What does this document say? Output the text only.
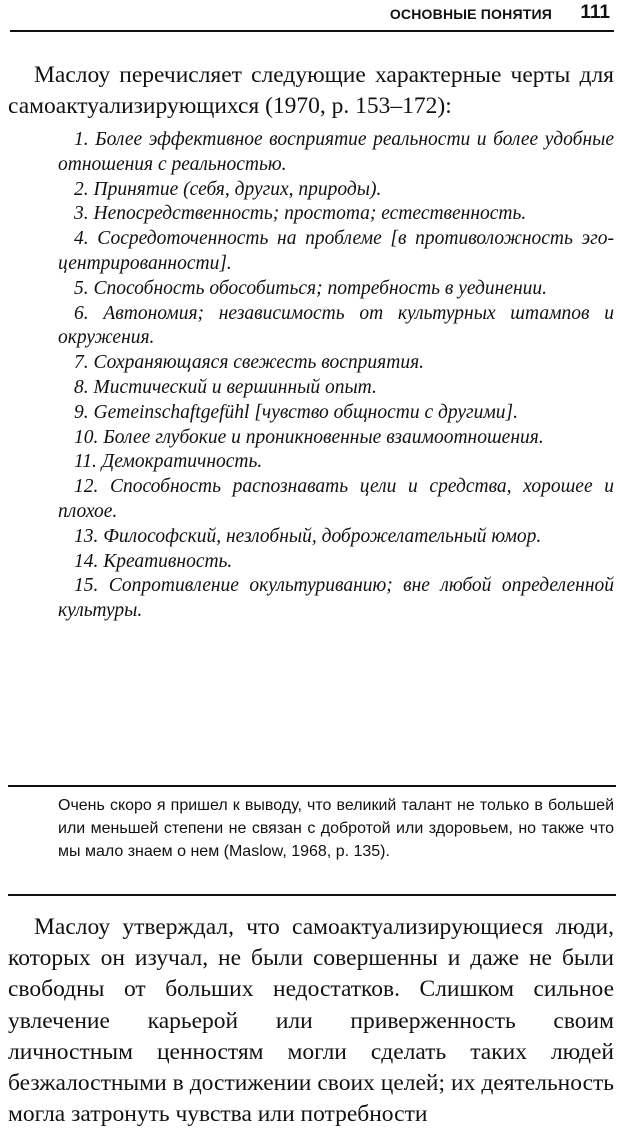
ОСНОВНЫЕ ПОНЯТИЯ 111

Маслоу перечисляет следующие характерные черты для самоактуализирующихся (1970, p. 153–172):

1. Более эффективное восприятие реальности и более удобные отношения с реальностью.
2. Принятие (себя, других, природы).
3. Непосредственность; простота; естественность.
4. Сосредоточенность на проблеме [в противоложность эго-центрированности].
5. Способность обособиться; потребность в уединении.
6. Автономия; независимость от культурных штампов и окружения.
7. Сохраняющаяся свежесть восприятия.
8. Мистический и вершинный опыт.
9. Gemeinschaftgefühl [чувство общности с другими].
10. Более глубокие и проникновенные взаимоотношения.
11. Демократичность.
12. Способность распознавать цели и средства, хорошее и плохое.
13. Философский, незлобный, доброжелательный юмор.
14. Креативность.
15. Сопротивление окультуриванию; вне любой определенной культуры.

Очень скоро я пришел к выводу, что великий талант не только в большей или меньшей степени не связан с добротой или здоровьем, но также что мы мало знаем о нем (Maslow, 1968, p. 135).

Маслоу утверждал, что самоактуализирующиеся люди, которых он изучал, не были совершенны и даже не были свободны от больших недостатков. Слишком сильное увлечение карьерой или приверженность своим личностным ценностям могли сделать таких людей безжалостными в достижении своих целей; их деятельность могла затронуть чувства или потребности
